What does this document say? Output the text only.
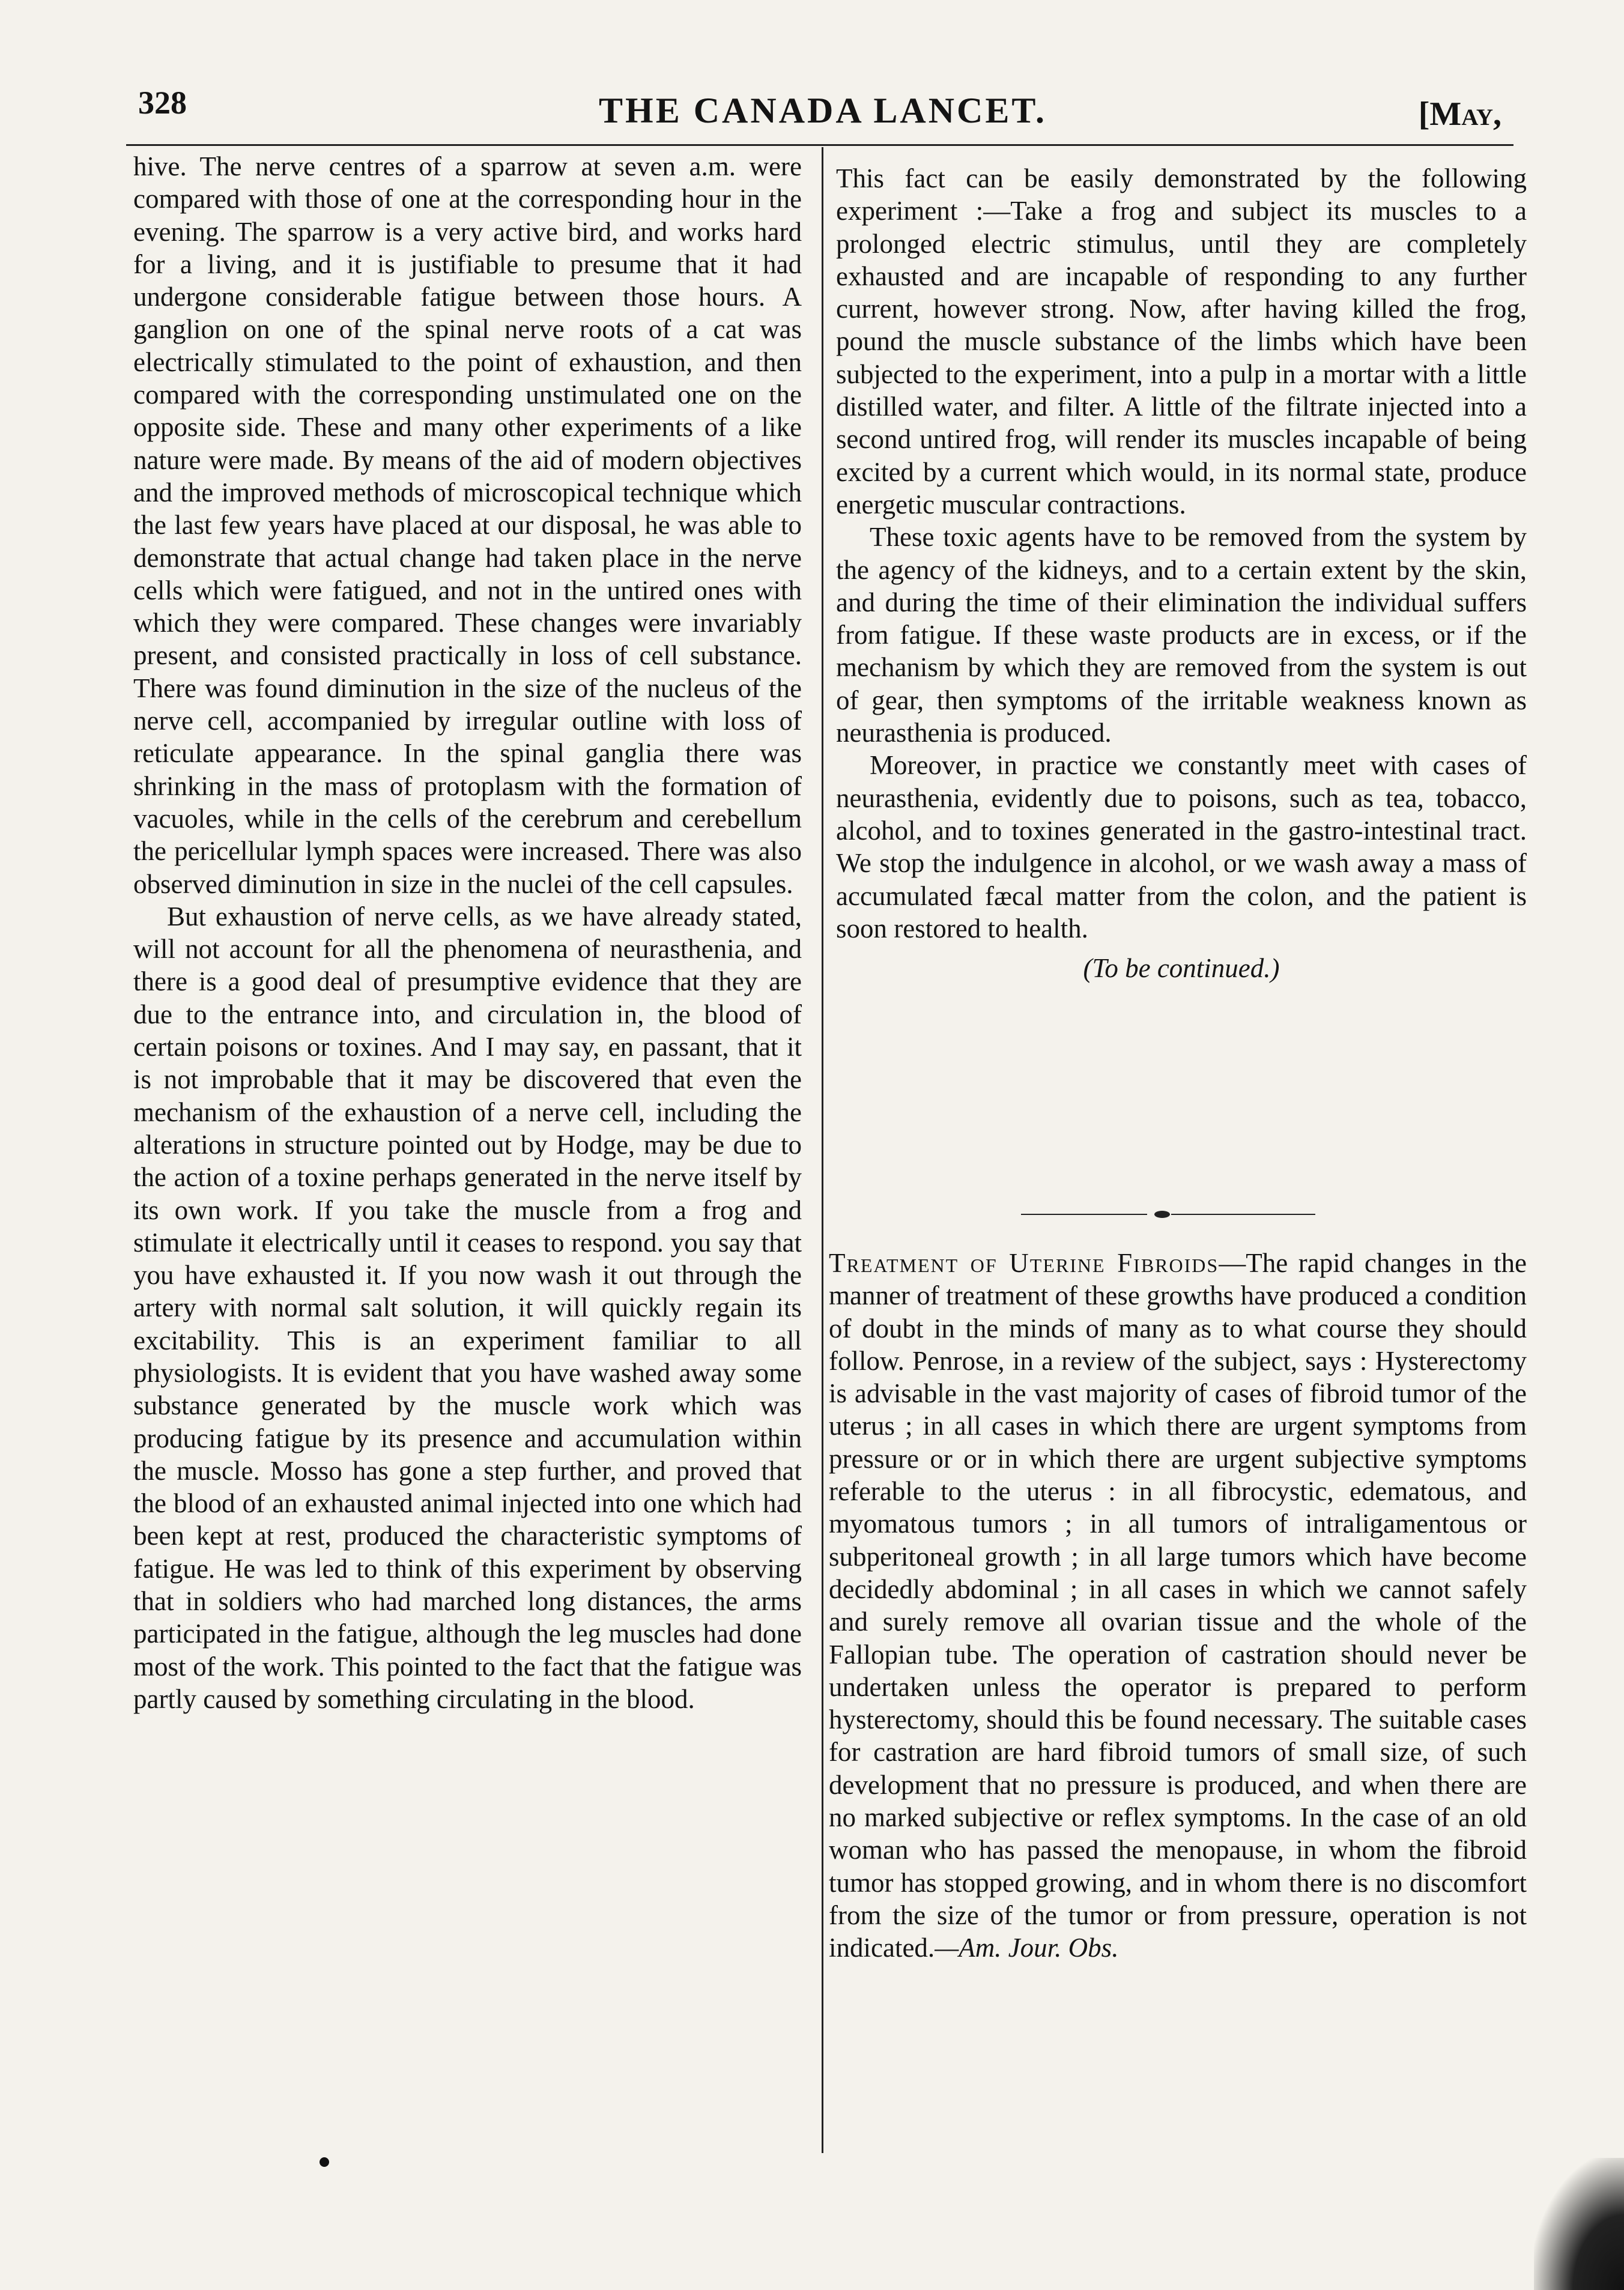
328	THE CANADA LANCET.	[May,

hive. The nerve centres of a sparrow at seven a.m. were compared with those of one at the corresponding hour in the evening. The sparrow is a very active bird, and works hard for a living, and it is justifiable to presume that it had undergone considerable fatigue between those hours. A ganglion on one of the spinal nerve roots of a cat was electrically stimulated to the point of exhaustion, and then compared with the corresponding unstimulated one on the opposite side. These and many other experiments of a like nature were made. By means of the aid of modern objectives and the improved methods of microscopical technique which the last few years have placed at our disposal, he was able to demonstrate that actual change had taken place in the nerve cells which were fatigued, and not in the untired ones with which they were compared. These changes were invariably present, and consisted practically in loss of cell substance. There was found diminution in the size of the nucleus of the nerve cell, accompanied by irregular outline with loss of reticulate appearance. In the spinal ganglia there was shrinking in the mass of protoplasm with the formation of vacuoles, while in the cells of the cerebrum and cerebellum the pericellular lymph spaces were increased. There was also observed diminution in size in the nuclei of the cell capsules.

But exhaustion of nerve cells, as we have already stated, will not account for all the phenomena of neurasthenia, and there is a good deal of presumptive evidence that they are due to the entrance into, and circulation in, the blood of certain poisons or toxines. And I may say, en passant, that it is not improbable that it may be discovered that even the mechanism of the exhaustion of a nerve cell, including the alterations in structure pointed out by Hodge, may be due to the action of a toxine perhaps generated in the nerve itself by its own work. If you take the muscle from a frog and stimulate it electrically until it ceases to respond. you say that you have exhausted it. If you now wash it out through the artery with normal salt solution, it will quickly regain its excitability. This is an experiment familiar to all physiologists. It is evident that you have washed away some substance generated by the muscle work which was producing fatigue by its presence and accumulation within the muscle. Mosso has gone a step further, and proved that the blood of an exhausted animal injected into one which had been kept at rest, produced the characteristic symptoms of fatigue. He was led to think of this experiment by observing that in soldiers who had marched long distances, the arms participated in the fatigue, although the leg muscles had done most of the work. This pointed to the fact that the fatigue was partly caused by something circulating in the blood.

This fact can be easily demonstrated by the following experiment :—Take a frog and subject its muscles to a prolonged electric stimulus, until they are completely exhausted and are incapable of responding to any further current, however strong. Now, after having killed the frog, pound the muscle substance of the limbs which have been subjected to the experiment, into a pulp in a mortar with a little distilled water, and filter. A little of the filtrate injected into a second untired frog, will render its muscles incapable of being excited by a current which would, in its normal state, produce energetic muscular contractions.

These toxic agents have to be removed from the system by the agency of the kidneys, and to a certain extent by the skin, and during the time of their elimination the individual suffers from fatigue. If these waste products are in excess, or if the mechanism by which they are removed from the system is out of gear, then symptoms of the irritable weakness known as neurasthenia is produced.

Moreover, in practice we constantly meet with cases of neurasthenia, evidently due to poisons, such as tea, tobacco, alcohol, and to toxines generated in the gastro-intestinal tract. We stop the indulgence in alcohol, or we wash away a mass of accumulated fæcal matter from the colon, and the patient is soon restored to health.

(To be continued.)

Treatment of Uterine Fibroids—The rapid changes in the manner of treatment of these growths have produced a condition of doubt in the minds of many as to what course they should follow. Penrose, in a review of the subject, says : Hysterectomy is advisable in the vast majority of cases of fibroid tumor of the uterus ; in all cases in which there are urgent symptoms from pressure or or in which there are urgent subjective symptoms referable to the uterus : in all fibrocystic, edematous, and myomatous tumors ; in all tumors of intraligamentous or subperitoneal growth ; in all large tumors which have become decidedly abdominal ; in all cases in which we cannot safely and surely remove all ovarian tissue and the whole of the Fallopian tube. The operation of castration should never be undertaken unless the operator is prepared to perform hysterectomy, should this be found necessary. The suitable cases for castration are hard fibroid tumors of small size, of such development that no pressure is produced, and when there are no marked subjective or reflex symptoms. In the case of an old woman who has passed the menopause, in whom the fibroid tumor has stopped growing, and in whom there is no discomfort from the size of the tumor or from pressure, operation is not indicated.—Am. Jour. Obs.
